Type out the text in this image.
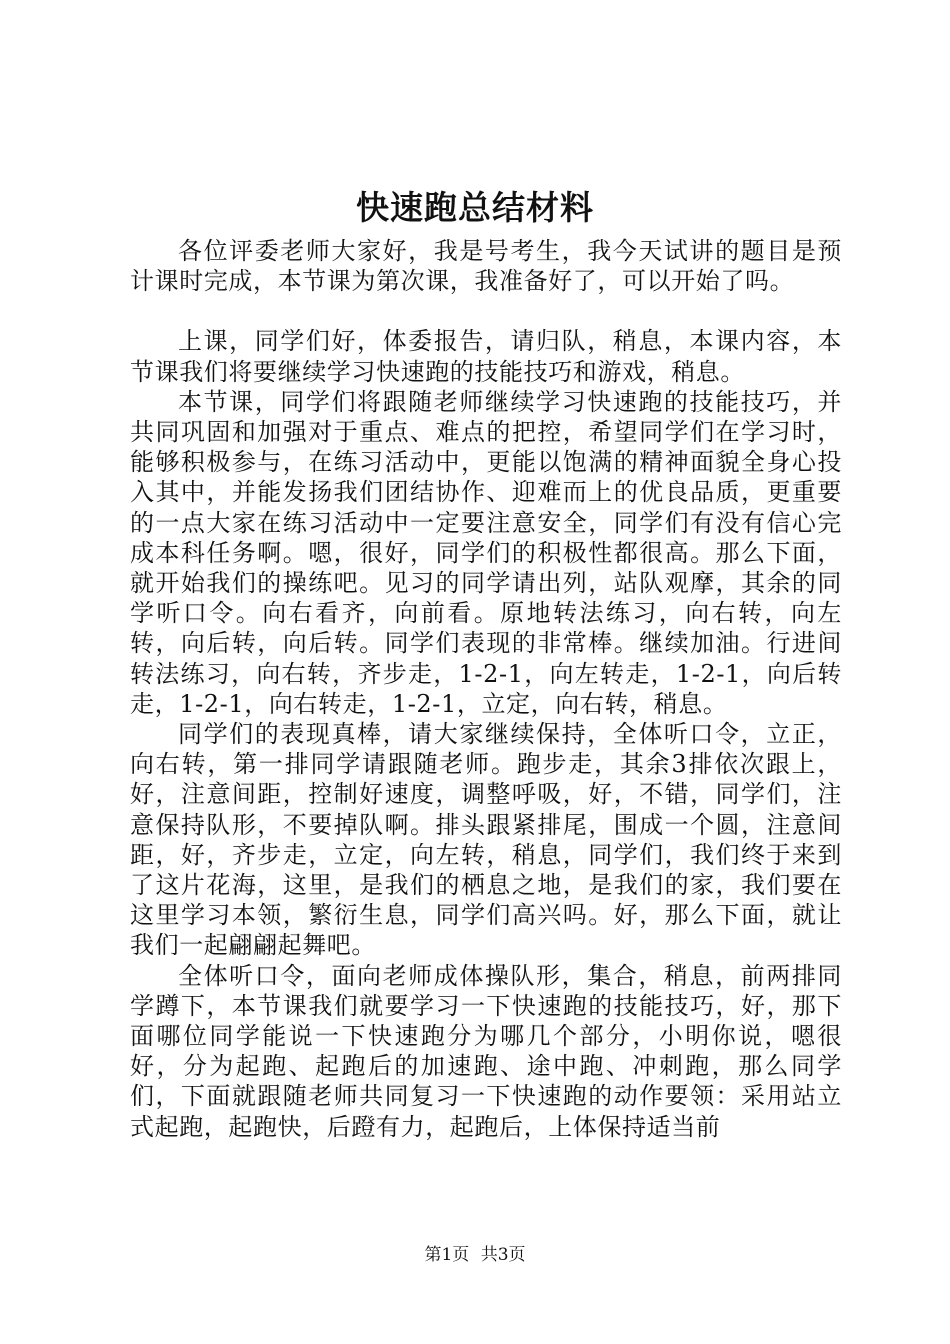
快速跑总结材料

各位评委老师大家好，我是号考生，我今天试讲的题目是预计课时完成，本节课为第次课，我准备好了，可以开始了吗。

上课，同学们好，体委报告，请归队，稍息，本课内容，本节课我们将要继续学习快速跑的技能技巧和游戏，稍息。

本节课，同学们将跟随老师继续学习快速跑的技能技巧，并共同巩固和加强对于重点、难点的把控，希望同学们在学习时，能够积极参与，在练习活动中，更能以饱满的精神面貌全身心投入其中，并能发扬我们团结协作、迎难而上的优良品质，更重要的一点大家在练习活动中一定要注意安全，同学们有没有信心完成本科任务啊。嗯，很好，同学们的积极性都很高。那么下面，就开始我们的操练吧。见习的同学请出列，站队观摩，其余的同学听口令。向右看齐，向前看。原地转法练习，向右转，向左转，向后转，向后转。同学们表现的非常棒。继续加油。行进间转法练习，向右转，齐步走，1-2-1，向左转走，1-2-1，向后转走，1-2-1，向右转走，1-2-1，立定，向右转，稍息。

同学们的表现真棒，请大家继续保持，全体听口令，立正，向右转，第一排同学请跟随老师。跑步走，其余3排依次跟上，好，注意间距，控制好速度，调整呼吸，好，不错，同学们，注意保持队形，不要掉队啊。排头跟紧排尾，围成一个圆，注意间距，好，齐步走，立定，向左转，稍息，同学们，我们终于来到了这片花海，这里，是我们的栖息之地，是我们的家，我们要在这里学习本领，繁衍生息，同学们高兴吗。好，那么下面，就让我们一起翩翩起舞吧。

全体听口令，面向老师成体操队形，集合，稍息，前两排同学蹲下，本节课我们就要学习一下快速跑的技能技巧，好，那下面哪位同学能说一下快速跑分为哪几个部分，小明你说，嗯很好，分为起跑、起跑后的加速跑、途中跑、冲刺跑，那么同学们，下面就跟随老师共同复习一下快速跑的动作要领：采用站立式起跑，起跑快，后蹬有力，起跑后，上体保持适当前

第1页 共3页
